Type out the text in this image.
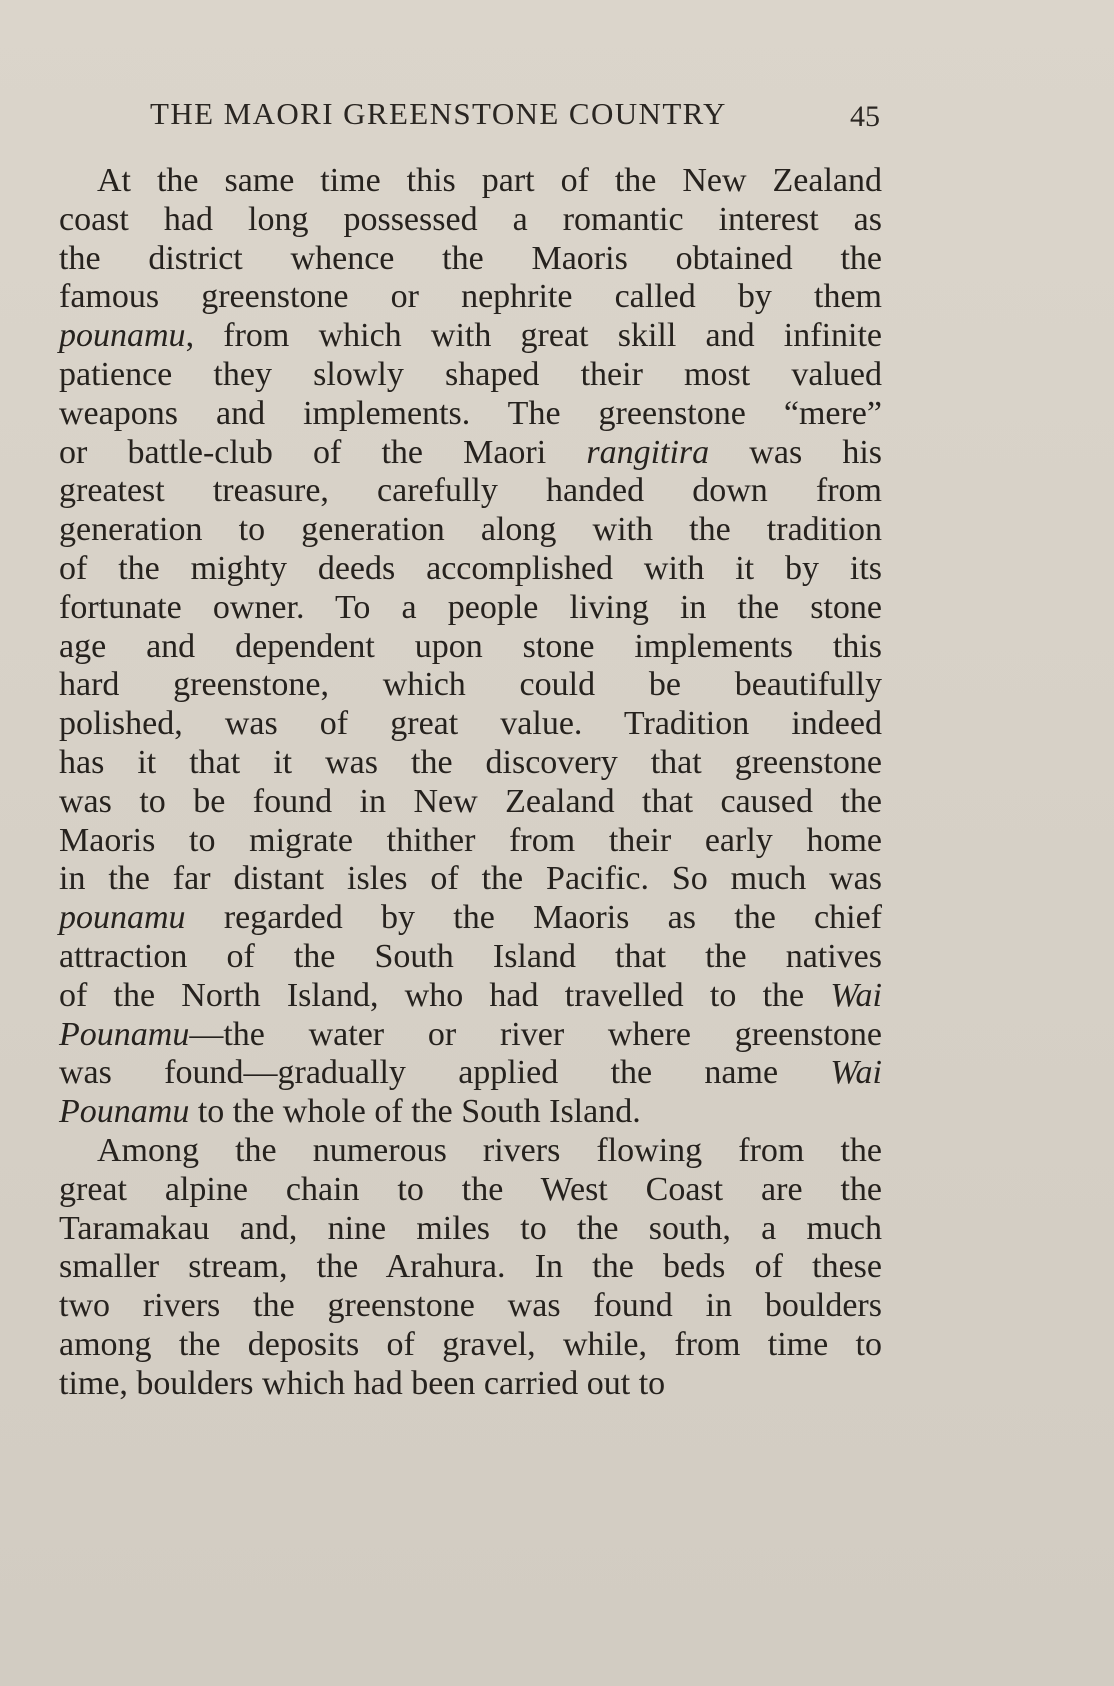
THE MAORI GREENSTONE COUNTRY	45
At the same time this part of the New Zealand
coast had long possessed a romantic interest as
the district whence the Maoris obtained the
famous greenstone or nephrite called by them
pounamu, from which with great skill and infinite
patience they slowly shaped their most valued
weapons and implements. The greenstone “mere”
or battle-club of the Maori rangitira was his
greatest treasure, carefully handed down from
generation to generation along with the tradition
of the mighty deeds accomplished with it by its
fortunate owner. To a people living in the stone
age and dependent upon stone implements this
hard greenstone, which could be beautifully
polished, was of great value. Tradition indeed
has it that it was the discovery that greenstone
was to be found in New Zealand that caused the
Maoris to migrate thither from their early home
in the far distant isles of the Pacific. So much was
pounamu regarded by the Maoris as the chief
attraction of the South Island that the natives
of the North Island, who had travelled to the Wai
Pounamu—the water or river where greenstone
was found—gradually applied the name Wai
Pounamu to the whole of the South Island.
Among the numerous rivers flowing from the
great alpine chain to the West Coast are the
Taramakau and, nine miles to the south, a much
smaller stream, the Arahura. In the beds of these
two rivers the greenstone was found in boulders
among the deposits of gravel, while, from time to
time, boulders which had been carried out to
